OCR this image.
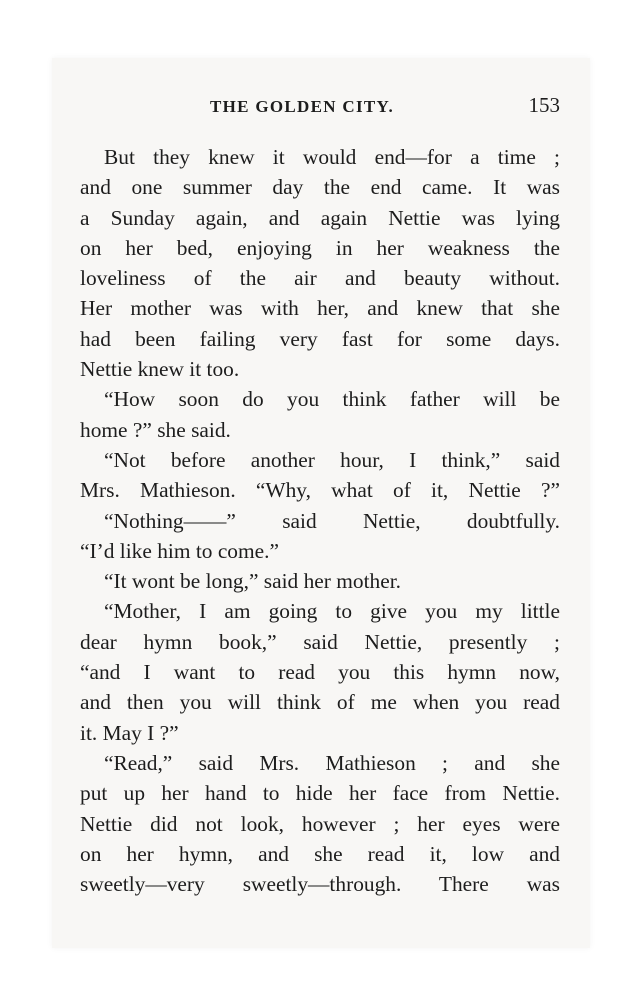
THE GOLDEN CITY.	153
But they knew it would end—for a time ;
and one summer day the end came. It was
a Sunday again, and again Nettie was lying
on her bed, enjoying in her weakness the
loveliness of the air and beauty without.
Her mother was with her, and knew that she
had been failing very fast for some days.
Nettie knew it too.
“How soon do you think father will be
home ?” she said.
“Not before another hour, I think,” said
Mrs. Mathieson. “Why, what of it, Nettie ?”
“Nothing——” said Nettie, doubtfully.
“I’d like him to come.”
“It wont be long,” said her mother.
“Mother, I am going to give you my little
dear hymn book,” said Nettie, presently ;
“and I want to read you this hymn now,
and then you will think of me when you read
it. May I ?”
“Read,” said Mrs. Mathieson ; and she
put up her hand to hide her face from Nettie.
Nettie did not look, however ; her eyes were
on her hymn, and she read it, low and
sweetly—very sweetly—through. There was
